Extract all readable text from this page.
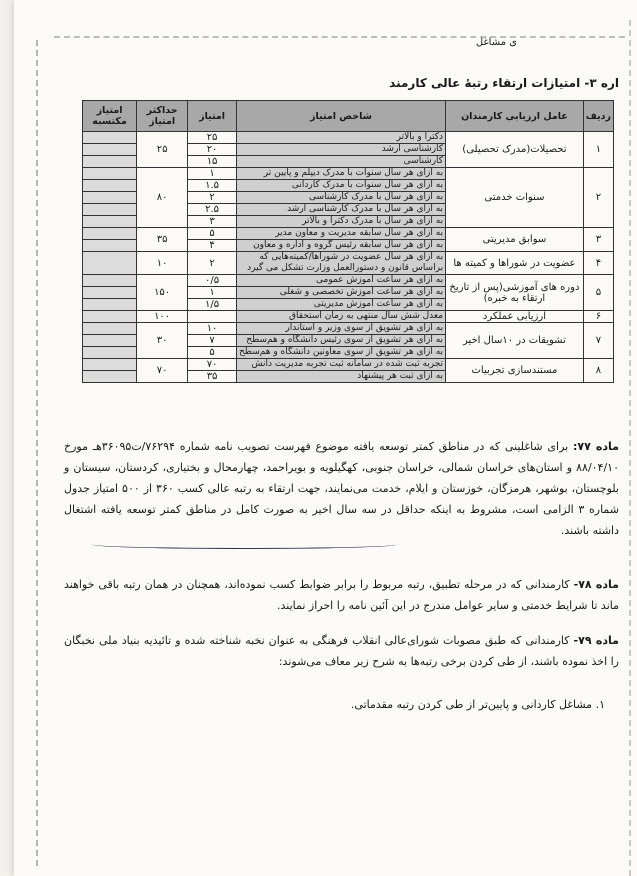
ی مشاغل
اره ۳- امتیازات ارتقاء رتبۀ عالی کارمند
ردیف	عامل ارزیابی کارمندان	شاخص امتیاز	امتیاز	حداکثر امتیاز	امتیاز مکتسبه
۱	تحصیلات(مدرک تحصیلی)	دکترا و بالاتر	۲۵	۲۵	
		کارشناسی ارشد	۲۰		
		کارشناسی	۱۵		
۲	سنوات خدمتی	به ازای هر سال سنوات با مدرک دیپلم و پایین تر	۱	۸۰	
		به ازای هر سال سنوات با مدرک کاردانی	۱.۵		
		به ازای هر سال با مدرک کارشناسی	۲		
		به ازای هر سال با مدرک کارشناسی ارشد	۲.۵		
		به ازای هر سال با مدرک دکترا و بالاتر	۳		
۳	سوابق مدیریتی	به ازای هر سال سابقه مدیریت و معاون مدیر	۵	۳۵	
		به ازای هر سال سابقه رئیس گروه و اداره و معاون	۴		
۴	عضویت در شوراها و کمیته ها	به ازای هر سال عضویت در شوراها/کمیته‌هایی که براساس قانون و دستورالعمل وزارت تشکل می گیرد	۲	۱۰	
۵	دوره های آموزشی(پس از تاریخ ارتقاء به خبره)	به ازای هر ساعت آموزش عمومی	۰/۵	۱۵۰	
		به ازای هر ساعت آموزش تخصصی و شغلی	۱		
		به ازای هر ساعت آموزش مدیریتی	۱/۵		
۶	ارزیابی عملکرد	معدل شش سال منتهی به زمان استحقاق		۱۰۰	
۷	تشویقات در ۱۰سال اخیر	به ازای هر تشویق از سوی وزیر و استاندار	۱۰	۳۰	
		به ازای هر تشویق از سوی رئیس دانشگاه و هم‌سطح	۷		
		به ازای هر تشویق از سوی معاونین دانشگاه و هم‌سطح	۵		
۸	مستندسازی تجربیات	تجربه ثبت شده در سامانه ثبت تجربه مدیریت دانش	۷۰	۷۰	
		به ازای ثبت هر پیشنهاد	۳۵		
ماده ۷۷: برای شاغلینی که در مناطق کمتر توسعه یافته موضوع فهرست تصویب نامه شماره ۷۶۲۹۴/ت۳۶۰۹۵هـ مورخ ۸۸/۰۴/۱۰ و استان‌های خراسان شمالی، خراسان جنوبی، کهگیلویه و بویراحمد، چهارمحال و بختیاری، کردستان، سیستان و بلوچستان، بوشهر، هرمزگان، خوزستان و ایلام، خدمت می‌نمایند، جهت ارتقاء به رتبه عالی کسب ۳۶۰ از ۵۰۰ امتیاز جدول شماره ۳ الزامی است، مشروط به اینکه حداقل در سه سال اخیر به صورت کامل در مناطق کمتر توسعه یافته اشتغال داشته باشند.
ماده ۷۸- کارمندانی که در مرحله تطبیق، رتبه مربوط را برابر ضوابط کسب نموده‌اند، همچنان در همان رتبه باقی خواهند ماند تا شرایط خدمتی و سایر عوامل مندرج در این آئین نامه را احراز نمایند.
ماده ۷۹- کارمندانی که طبق مصوبات شورای‌عالی انقلاب فرهنگی به عنوان نخبه شناخته شده و تائیدیه بنیاد ملی نخبگان را اخذ نموده باشند، از طی کردن برخی رتبه‌ها به شرح زیر معاف می‌شوند:
۱. مشاغل کاردانی و پایین‌تر از طی کردن رتبه مقدماتی.
